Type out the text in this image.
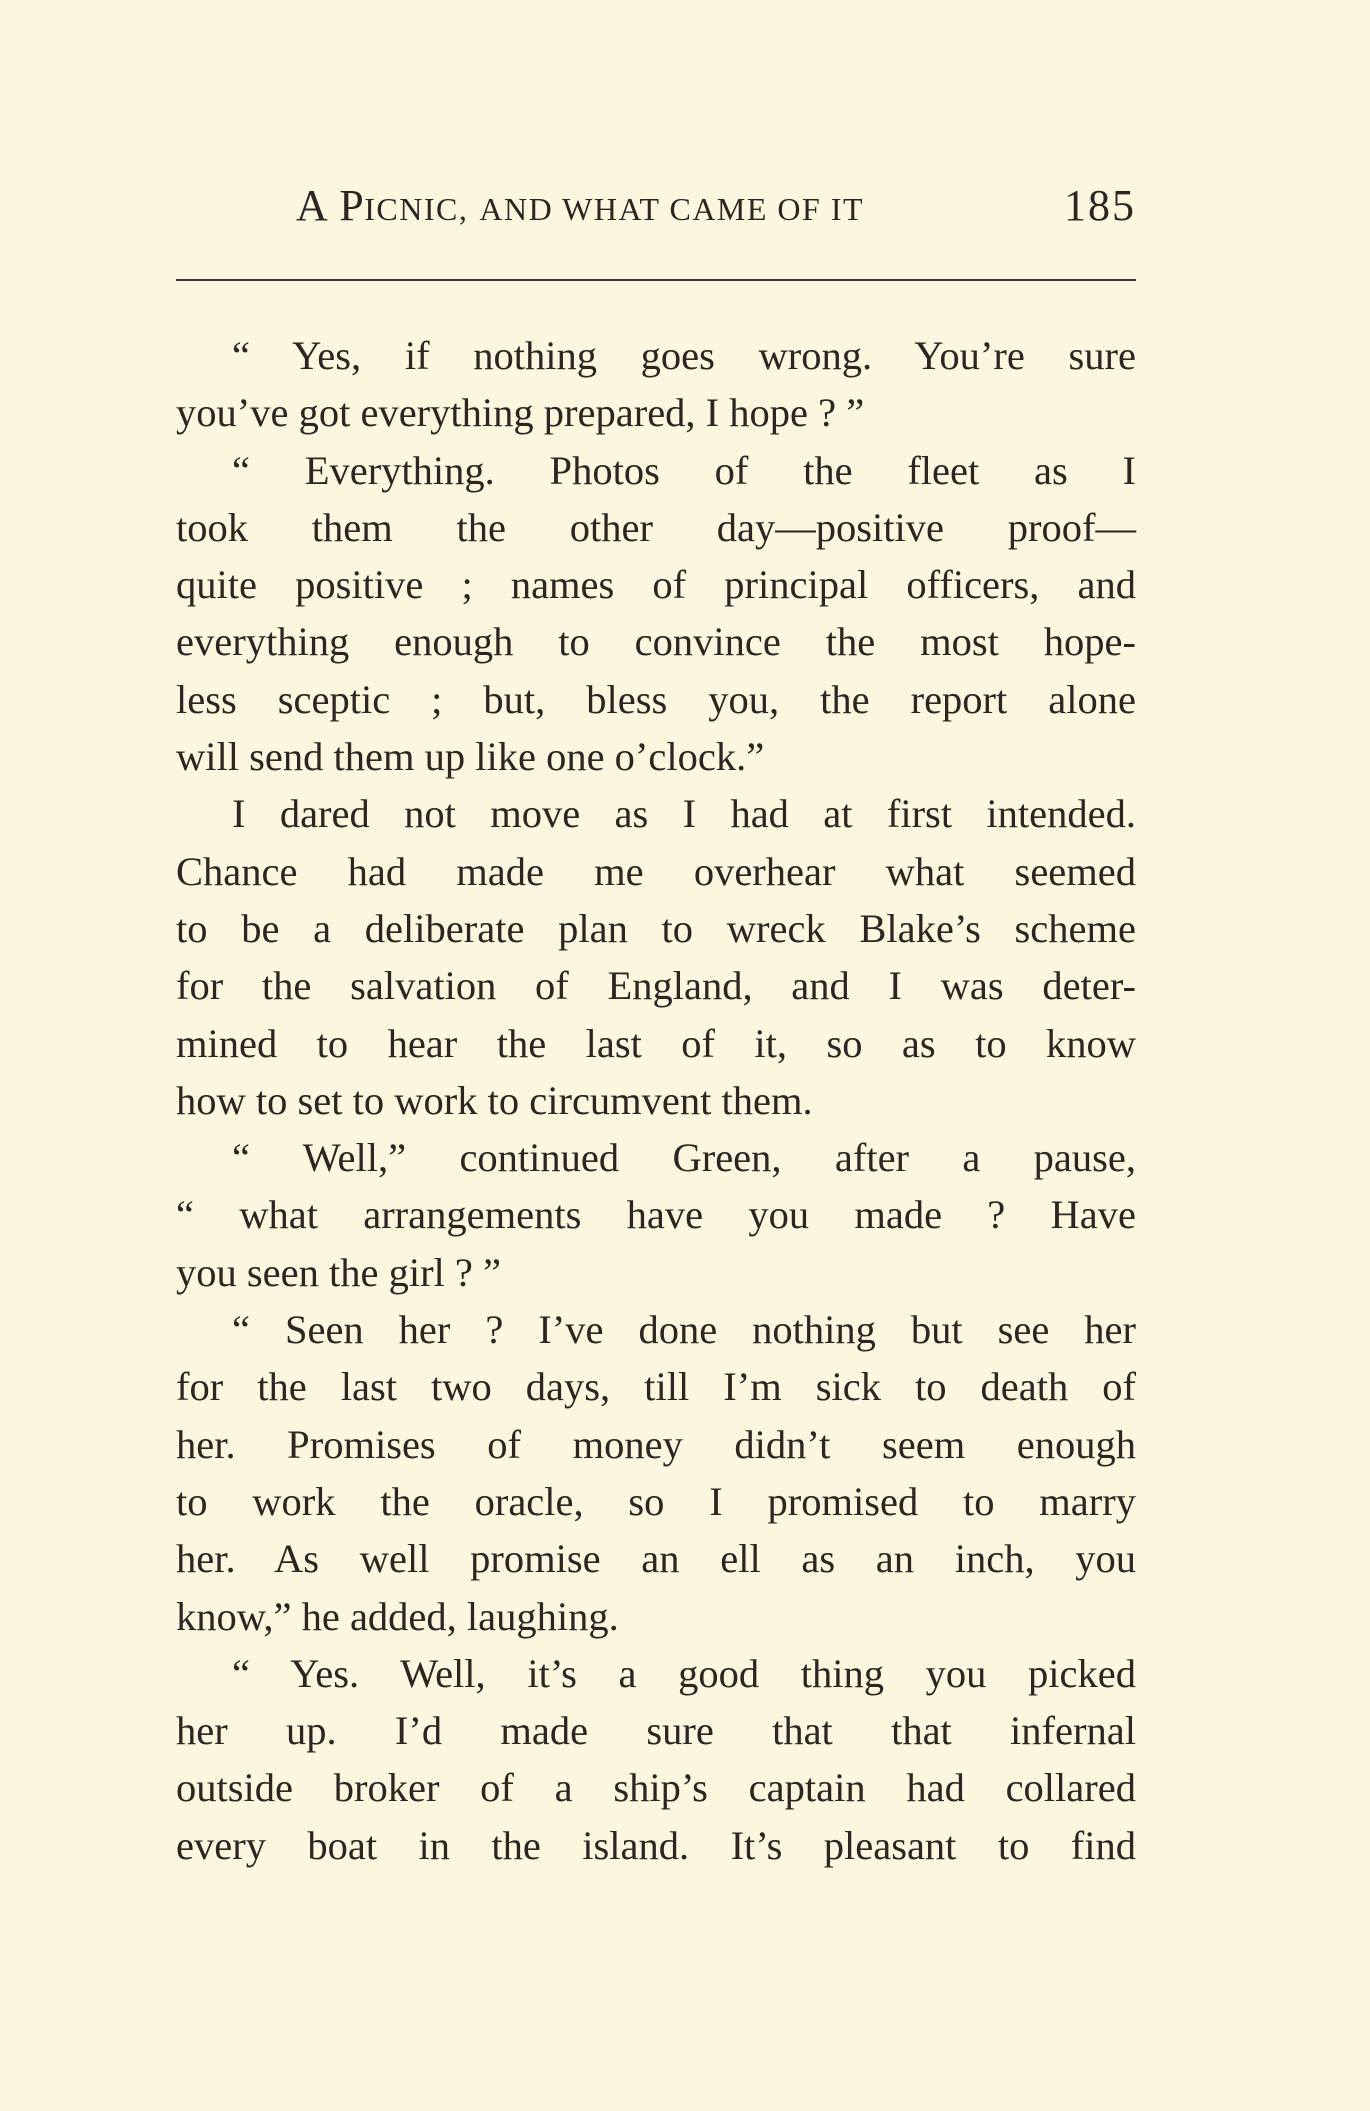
A PICNIC, AND WHAT CAME OF IT	185
“ Yes, if nothing goes wrong. You’re sure
you’ve got everything prepared, I hope ? ”
“ Everything. Photos of the fleet as I
took them the other day—positive proof—
quite positive ; names of principal officers, and
everything enough to convince the most hope-
less sceptic ; but, bless you, the report alone
will send them up like one o’clock.”
I dared not move as I had at first intended.
Chance had made me overhear what seemed
to be a deliberate plan to wreck Blake’s scheme
for the salvation of England, and I was deter-
mined to hear the last of it, so as to know
how to set to work to circumvent them.
“ Well,” continued Green, after a pause,
“ what arrangements have you made ? Have
you seen the girl ? ”
“ Seen her ? I’ve done nothing but see her
for the last two days, till I’m sick to death of
her. Promises of money didn’t seem enough
to work the oracle, so I promised to marry
her. As well promise an ell as an inch, you
know,” he added, laughing.
“ Yes. Well, it’s a good thing you picked
her up. I’d made sure that that infernal
outside broker of a ship’s captain had collared
every boat in the island. It’s pleasant to find
